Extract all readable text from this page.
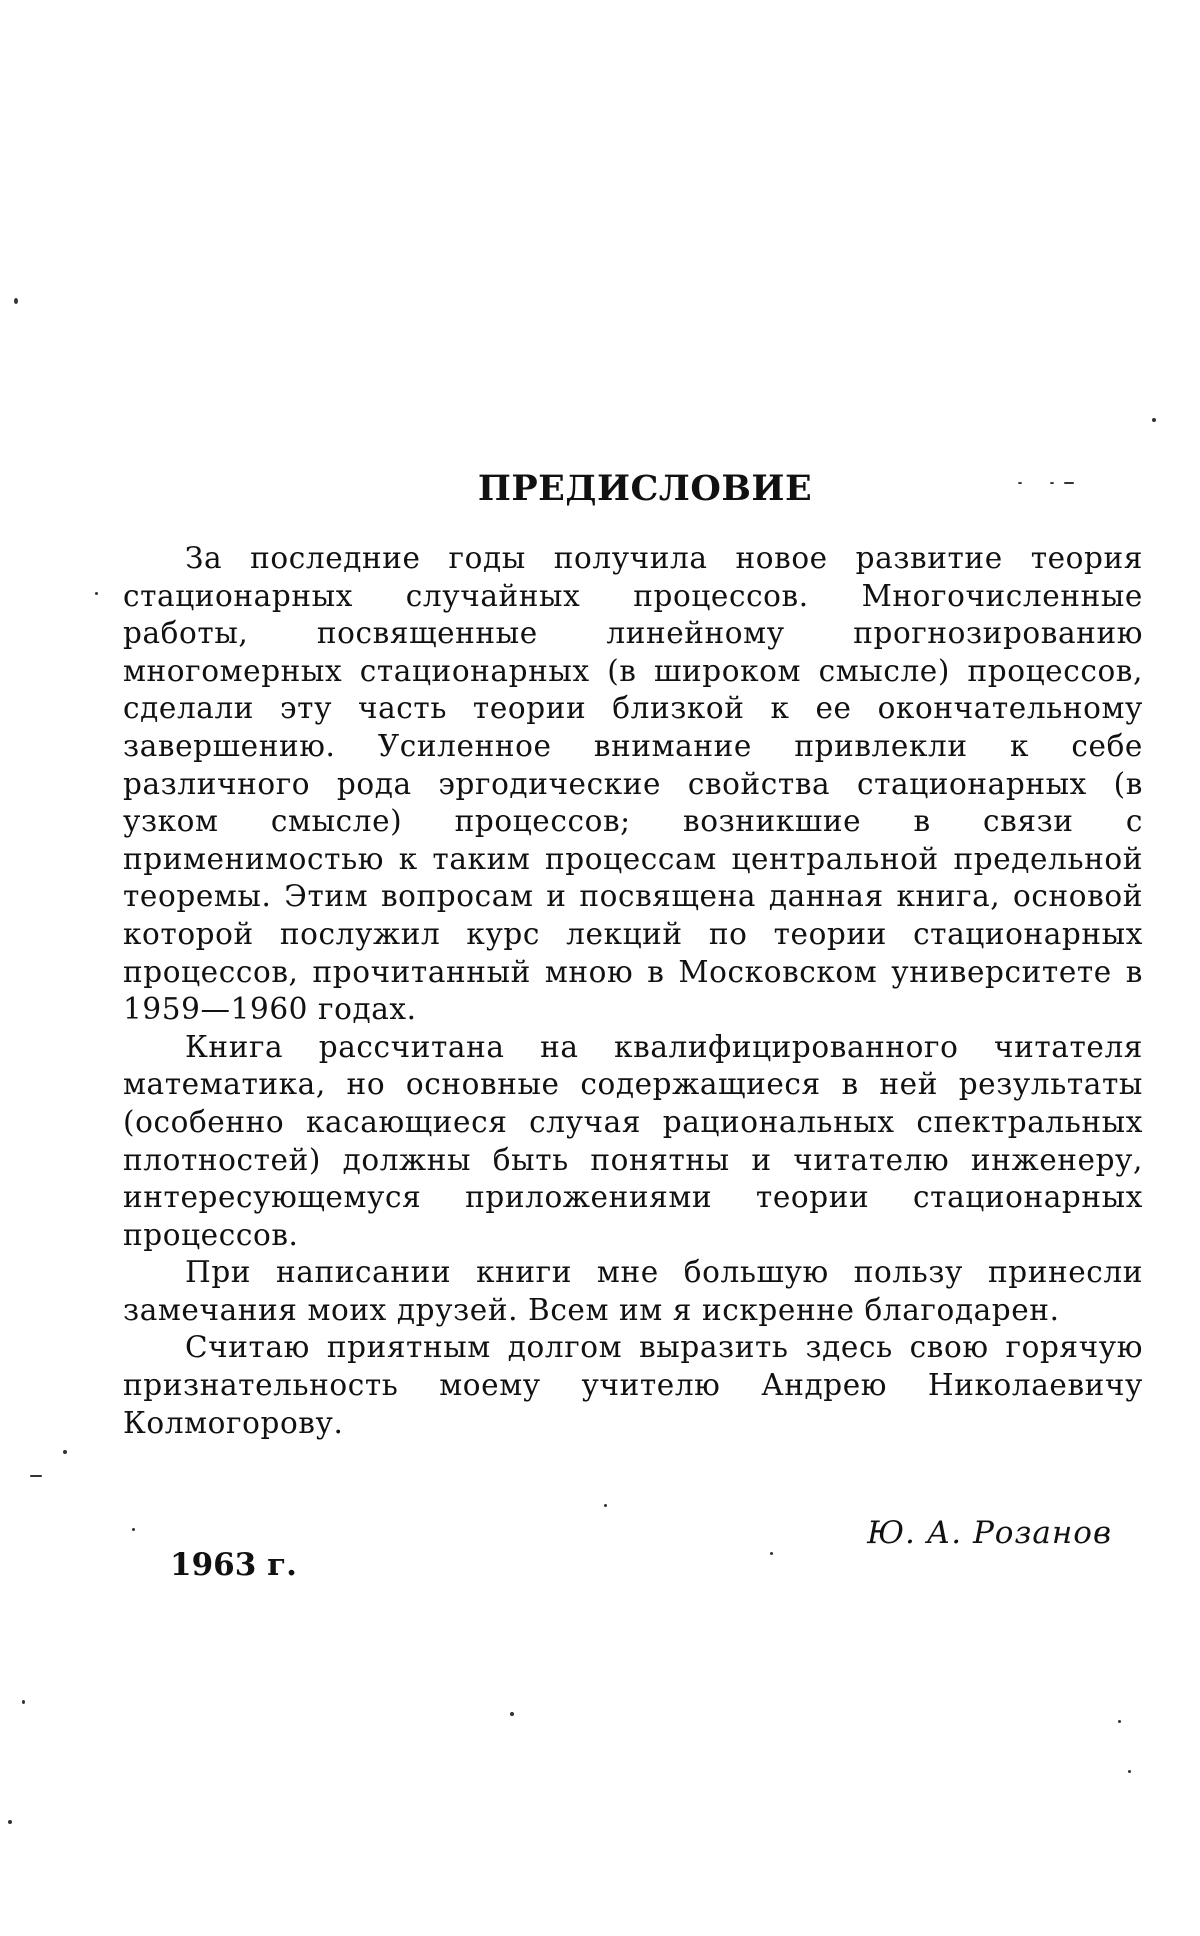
ПРЕДИСЛОВИЕ

За последние годы получила новое развитие теория стационарных случайных процессов. Многочисленные работы, посвященные линейному прогнозированию многомерных стационарных (в широком смысле) процессов, сделали эту часть теории близкой к ее окончательному завершению. Усиленное внимание привлекли к себе различного рода эргодические свойства стационарных (в узком смысле) процессов; возникшие в связи с применимостью к таким процессам центральной предельной теоремы. Этим вопросам и посвящена данная книга, основой которой послужил курс лекций по теории стационарных процессов, прочитанный мною в Московском университете в 1959—1960 годах.

Книга рассчитана на квалифицированного читателя математика, но основные содержащиеся в ней результаты (особенно касающиеся случая рациональных спектральных плотностей) должны быть понятны и читателю инженеру, интересующемуся приложениями теории стационарных процессов.

При написании книги мне большую пользу принесли замечания моих друзей. Всем им я искренне благодарен.

Считаю приятным долгом выразить здесь свою горячую признательность моему учителю Андрею Николаевичу Колмогорову.

Ю. А. Розанов

1963 г.
